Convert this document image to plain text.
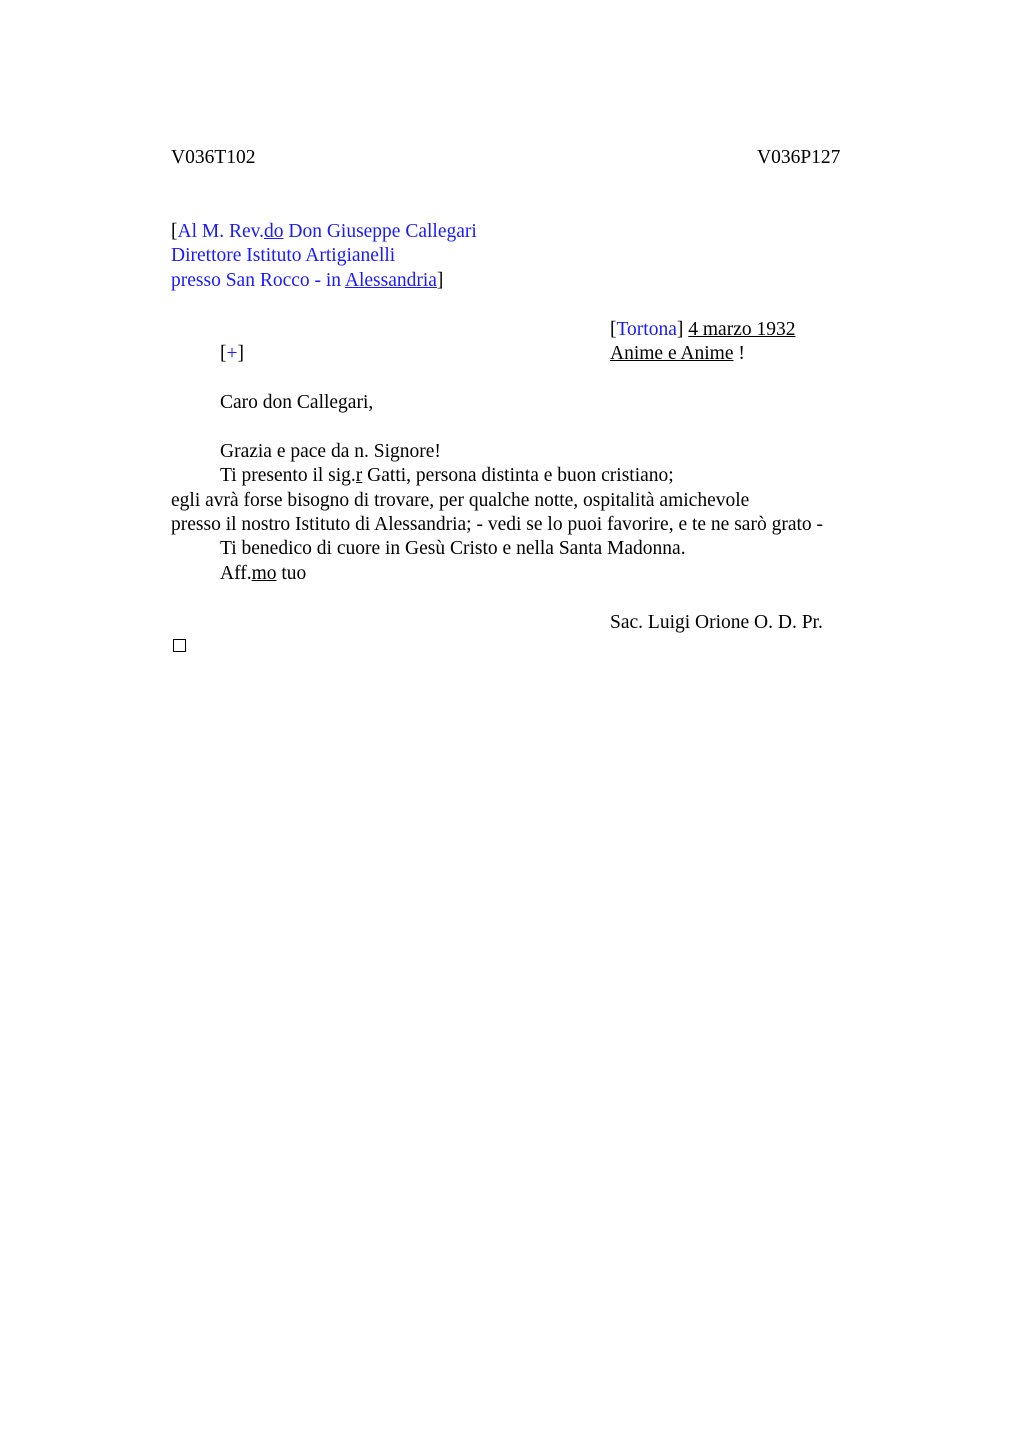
V036T102	V036P127
[Al M. Rev.do Don Giuseppe Callegari
Direttore Istituto Artigianelli
presso San Rocco - in Alessandria]
[Tortona] 4 marzo 1932
Anime e Anime !
[+]
Caro don Callegari,
Grazia e pace da n. Signore!
Ti presento il sig.r Gatti, persona distinta e buon cristiano;
egli avrà forse bisogno di trovare, per qualche notte, ospitalità amichevole
presso il nostro Istituto di Alessandria; - vedi se lo puoi favorire, e te ne sarò grato -
Ti benedico di cuore in Gesù Cristo e nella Santa Madonna.
Aff.mo tuo
Sac. Luigi Orione O. D. Pr.
